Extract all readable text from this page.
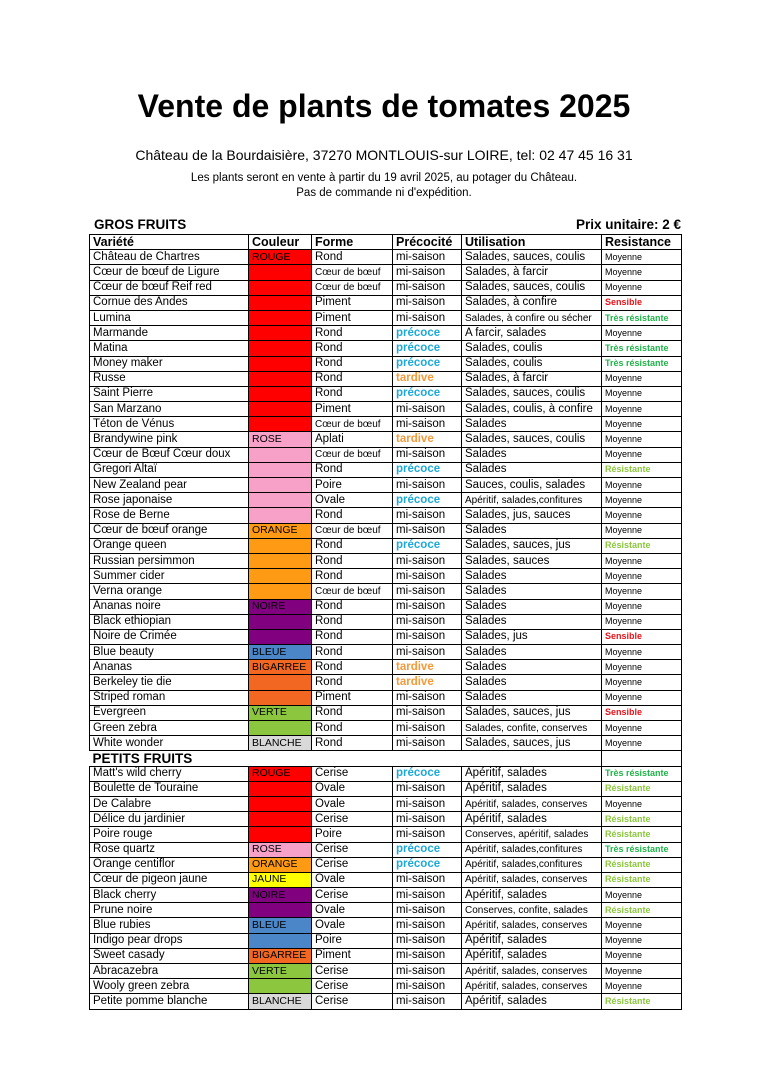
Vente de plants de tomates 2025
Château de la Bourdaisière, 37270 MONTLOUIS-sur LOIRE, tel: 02 47 45 16 31
Les plants seront en vente à partir du 19 avril 2025, au potager du Château.
Pas de commande ni d'expédition.
GROS FRUITS	Prix unitaire: 2 €
Variété	Couleur	Forme	Précocité	Utilisation	Resistance
Château de Chartres	ROUGE	Rond	mi-saison	Salades, sauces, coulis	Moyenne
Cœur de bœuf de Ligure		Cœur de bœuf	mi-saison	Salades, à farcir	Moyenne
Cœur de bœuf Reif red		Cœur de bœuf	mi-saison	Salades, sauces, coulis	Moyenne
Cornue des Andes		Piment	mi-saison	Salades, à confire	Sensible
Lumina		Piment	mi-saison	Salades, à confire ou sécher	Très résistante
Marmande		Rond	précoce	A farcir, salades	Moyenne
Matina		Rond	précoce	Salades, coulis	Très résistante
Money maker		Rond	précoce	Salades, coulis	Très résistante
Russe		Rond	tardive	Salades, à farcir	Moyenne
Saint Pierre		Rond	précoce	Salades, sauces, coulis	Moyenne
San Marzano		Piment	mi-saison	Salades, coulis, à confire	Moyenne
Téton de Vénus		Cœur de bœuf	mi-saison	Salades	Moyenne
Brandywine pink	ROSE	Aplati	tardive	Salades, sauces, coulis	Moyenne
Cœur de Bœuf Cœur doux		Cœur de bœuf	mi-saison	Salades	Moyenne
Gregori Altaï		Rond	précoce	Salades	Résistante
New Zealand pear		Poire	mi-saison	Sauces, coulis, salades	Moyenne
Rose japonaise		Ovale	précoce	Apéritif, salades,confitures	Moyenne
Rose de Berne		Rond	mi-saison	Salades, jus, sauces	Moyenne
Cœur de bœuf orange	ORANGE	Cœur de bœuf	mi-saison	Salades	Moyenne
Orange queen		Rond	précoce	Salades, sauces, jus	Résistante
Russian persimmon		Rond	mi-saison	Salades, sauces	Moyenne
Summer cider		Rond	mi-saison	Salades	Moyenne
Verna orange		Cœur de bœuf	mi-saison	Salades	Moyenne
Ananas noire	NOIRE	Rond	mi-saison	Salades	Moyenne
Black ethiopian		Rond	mi-saison	Salades	Moyenne
Noire de Crimée		Rond	mi-saison	Salades, jus	Sensible
Blue beauty	BLEUE	Rond	mi-saison	Salades	Moyenne
Ananas	BIGARREE	Rond	tardive	Salades	Moyenne
Berkeley tie die		Rond	tardive	Salades	Moyenne
Striped roman		Piment	mi-saison	Salades	Moyenne
Evergreen	VERTE	Rond	mi-saison	Salades, sauces, jus	Sensible
Green zebra		Rond	mi-saison	Salades, confite, conserves	Moyenne
White wonder	BLANCHE	Rond	mi-saison	Salades, sauces, jus	Moyenne
PETITS FRUITS					
Matt's wild cherry	ROUGE	Cerise	précoce	Apéritif, salades	Très résistante
Boulette de Touraine		Ovale	mi-saison	Apéritif, salades	Résistante
De Calabre		Ovale	mi-saison	Apéritif, salades, conserves	Moyenne
Délice du jardinier		Cerise	mi-saison	Apéritif, salades	Résistante
Poire rouge		Poire	mi-saison	Conserves, apéritif, salades	Résistante
Rose quartz	ROSE	Cerise	précoce	Apéritif, salades,confitures	Très résistante
Orange centiflor	ORANGE	Cerise	précoce	Apéritif, salades,confitures	Résistante
Cœur de pigeon jaune	JAUNE	Ovale	mi-saison	Apéritif, salades, conserves	Résistante
Black cherry	NOIRE	Cerise	mi-saison	Apéritif, salades	Moyenne
Prune noire		Ovale	mi-saison	Conserves, confite, salades	Résistante
Blue rubies	BLEUE	Ovale	mi-saison	Apéritif, salades, conserves	Moyenne
Indigo pear drops		Poire	mi-saison	Apéritif, salades	Moyenne
Sweet casady	BIGARREE	Piment	mi-saison	Apéritif, salades	Moyenne
Abracazebra	VERTE	Cerise	mi-saison	Apéritif, salades, conserves	Moyenne
Wooly green zebra		Cerise	mi-saison	Apéritif, salades, conserves	Moyenne
Petite pomme blanche	BLANCHE	Cerise	mi-saison	Apéritif, salades	Résistante
